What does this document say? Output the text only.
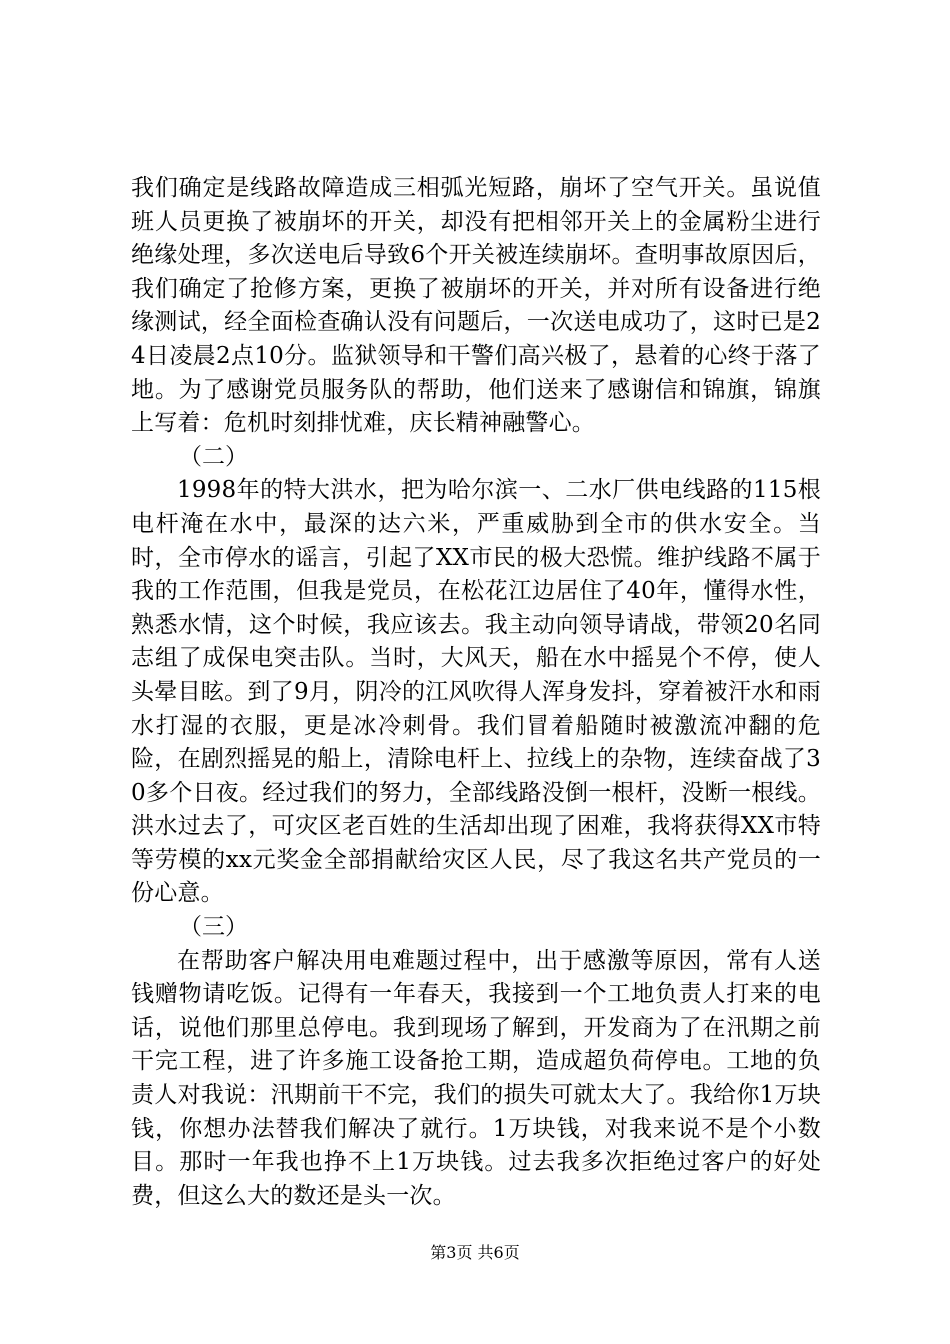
我们确定是线路故障造成三相弧光短路，崩坏了空气开关。虽说值班人员更换了被崩坏的开关，却没有把相邻开关上的金属粉尘进行绝缘处理，多次送电后导致6个开关被连续崩坏。查明事故原因后，我们确定了抢修方案，更换了被崩坏的开关，并对所有设备进行绝缘测试，经全面检查确认没有问题后，一次送电成功了，这时已是24日凌晨2点10分。监狱领导和干警们高兴极了，悬着的心终于落了地。为了感谢党员服务队的帮助，他们送来了感谢信和锦旗，锦旗上写着：危机时刻排忧难，庆长精神融警心。

（二）

1998年的特大洪水，把为哈尔滨一、二水厂供电线路的115根电杆淹在水中，最深的达六米，严重威胁到全市的供水安全。当时，全市停水的谣言，引起了XX市民的极大恐慌。维护线路不属于我的工作范围，但我是党员，在松花江边居住了40年，懂得水性，熟悉水情，这个时候，我应该去。我主动向领导请战，带领20名同志组了成保电突击队。当时，大风天，船在水中摇晃个不停，使人头晕目眩。到了9月，阴冷的江风吹得人浑身发抖，穿着被汗水和雨水打湿的衣服，更是冰冷刺骨。我们冒着船随时被激流冲翻的危险，在剧烈摇晃的船上，清除电杆上、拉线上的杂物，连续奋战了30多个日夜。经过我们的努力，全部线路没倒一根杆，没断一根线。洪水过去了，可灾区老百姓的生活却出现了困难，我将获得XX市特等劳模的xx元奖金全部捐献给灾区人民，尽了我这名共产党员的一份心意。

（三）

在帮助客户解决用电难题过程中，出于感激等原因，常有人送钱赠物请吃饭。记得有一年春天，我接到一个工地负责人打来的电话，说他们那里总停电。我到现场了解到，开发商为了在汛期之前干完工程，进了许多施工设备抢工期，造成超负荷停电。工地的负责人对我说：汛期前干不完，我们的损失可就太大了。我给你1万块钱，你想办法替我们解决了就行。1万块钱，对我来说不是个小数目。那时一年我也挣不上1万块钱。过去我多次拒绝过客户的好处费，但这么大的数还是头一次。

第3页 共6页
